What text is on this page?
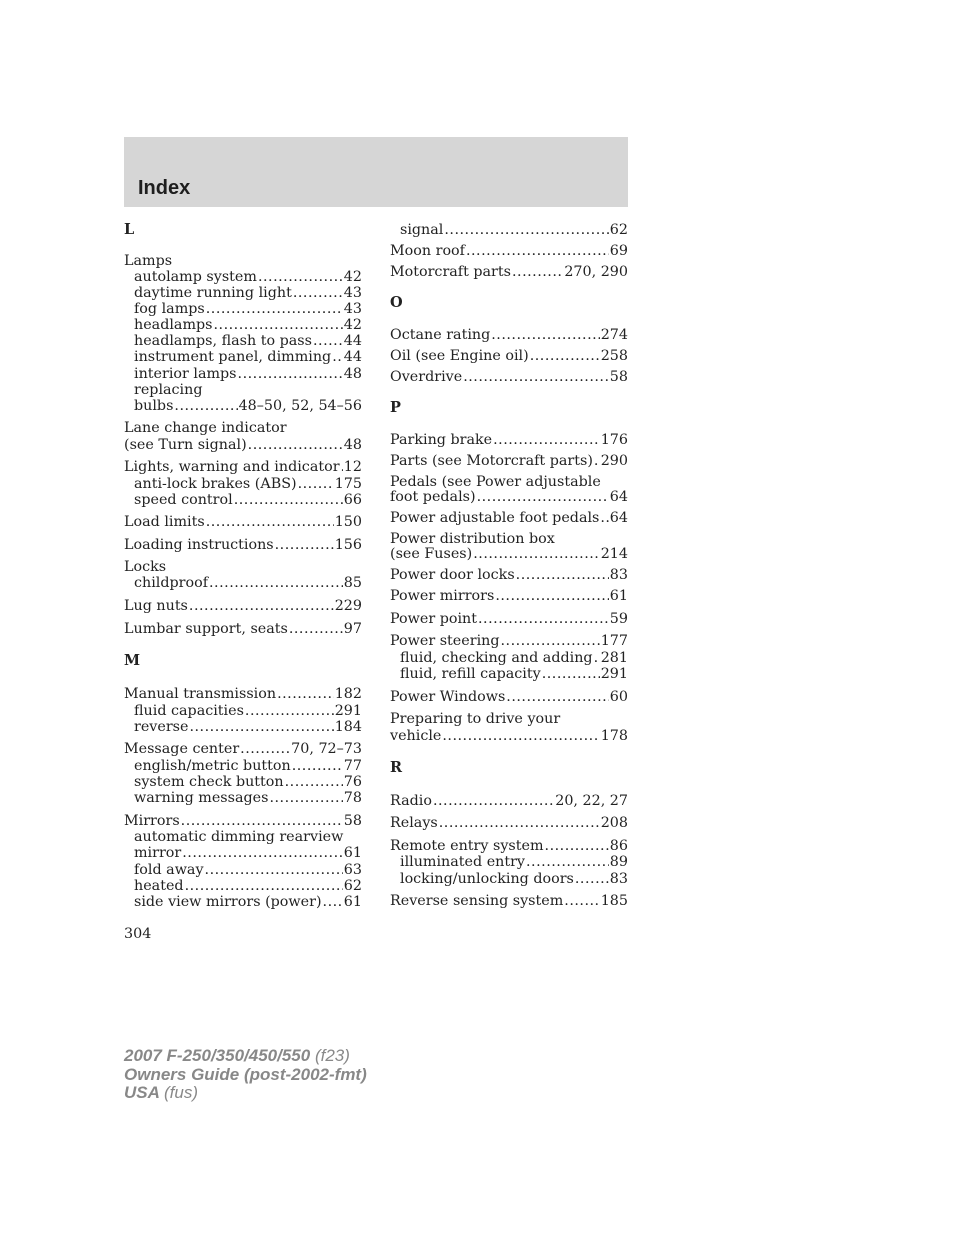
Index
L
Lamps
autolamp system .....	42
daytime running light .....	43
fog lamps .....	43
headlamps .....	42
headlamps, flash to pass ..... 44
instrument panel, dimming ..... 44
interior lamps .....	48
replacing
bulbs .....	48–50, 52, 54–56
Lane change indicator
(see Turn signal) .....	48
Lights, warning and indicator ..... 12
anti-lock brakes (ABS) .....	175
speed control .....	66
Load limits .....	150
Loading instructions .....	156
Locks
childproof .....	85
Lug nuts .....	229
Lumbar support, seats .....	97
M
Manual transmission .....	182
fluid capacities .....	291
reverse .....	184
Message center .....	70, 72–73
english/metric button .....	77
system check button .....	76
warning messages .....	78
Mirrors .....	58
automatic dimming rearview
mirror .....	61
fold away .....	63
heated .....	62
side view mirrors (power) ..... 61
signal .....	62
Moon roof .....	69
Motorcraft parts .....	270, 290
O
Octane rating .....	274
Oil (see Engine oil) .....	258
Overdrive .....	58
P
Parking brake .....	176
Parts (see Motorcraft parts) ..... 290
Pedals (see Power adjustable
foot pedals) .....	64
Power adjustable foot pedals ..... 64
Power distribution box
(see Fuses) .....	214
Power door locks .....	83
Power mirrors .....	61
Power point .....	59
Power steering .....	177
fluid, checking and adding ..... 281
fluid, refill capacity .....	291
Power Windows .....	60
Preparing to drive your
vehicle .....	178
R
Radio .....	20, 22, 27
Relays .....	208
Remote entry system .....	86
illuminated entry .....	89
locking/unlocking doors .....	83
Reverse sensing system .....	185
304
2007 F-250/350/450/550 (f23)
Owners Guide (post-2002-fmt)
USA (fus)
